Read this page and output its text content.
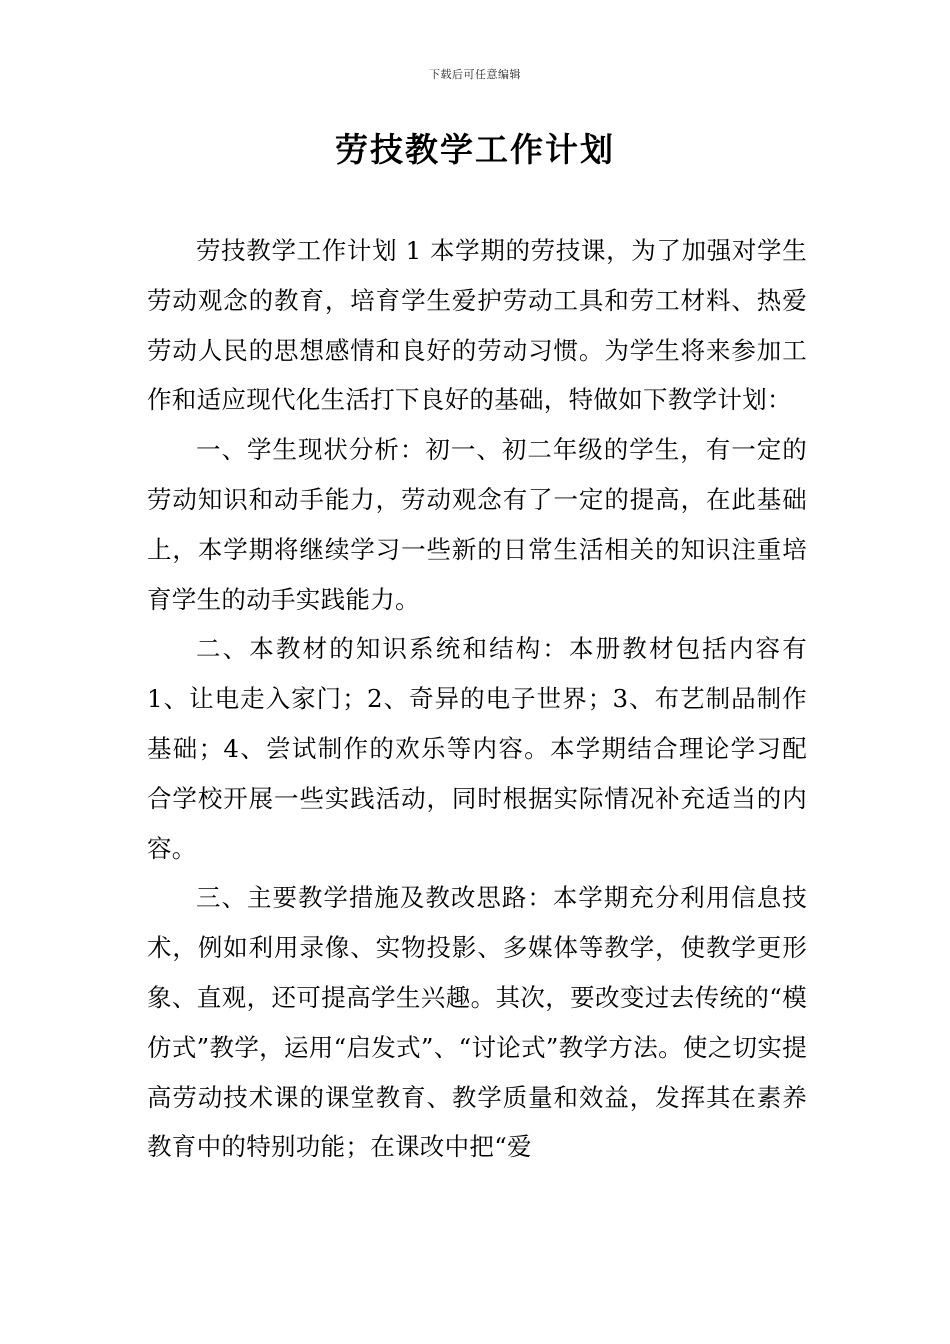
下载后可任意编辑
劳技教学工作计划

劳技教学工作计划 1 本学期的劳技课，为了加强对学生劳动观念的教育，培育学生爱护劳动工具和劳工材料、热爱劳动人民的思想感情和良好的劳动习惯。为学生将来参加工作和适应现代化生活打下良好的基础，特做如下教学计划：

一、学生现状分析：初一、初二年级的学生，有一定的劳动知识和动手能力，劳动观念有了一定的提高，在此基础上，本学期将继续学习一些新的日常生活相关的知识注重培育学生的动手实践能力。

二、本教材的知识系统和结构：本册教材包括内容有 1、让电走入家门；2、奇异的电子世界；3、布艺制品制作基础；4、尝试制作的欢乐等内容。本学期结合理论学习配合学校开展一些实践活动，同时根据实际情况补充适当的内容。

三、主要教学措施及教改思路：本学期充分利用信息技术，例如利用录像、实物投影、多媒体等教学，使教学更形象、直观，还可提高学生兴趣。其次，要改变过去传统的“模仿式”教学，运用“启发式”、“讨论式”教学方法。使之切实提高劳动技术课的课堂教育、教学质量和效益，发挥其在素养教育中的特别功能；在课改中把“爱
